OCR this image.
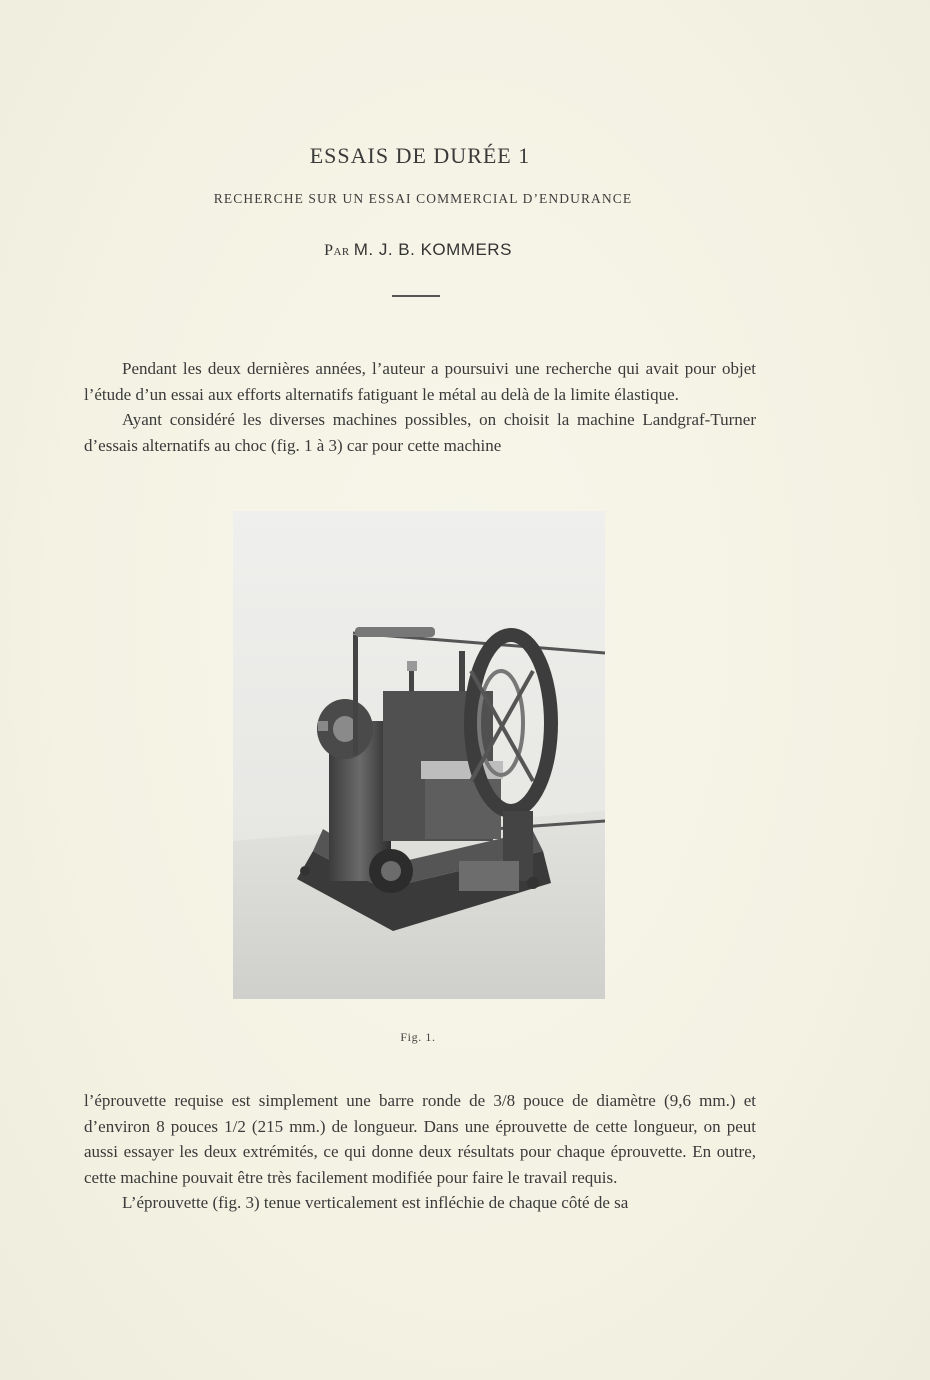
ESSAIS DE DURÉE 1
RECHERCHE SUR UN ESSAI COMMERCIAL D’ENDURANCE
Par M. J. B. KOMMERS

Pendant les deux dernières années, l’auteur a poursuivi une recherche qui avait pour objet l’étude d’un essai aux efforts alternatifs fatiguant le métal au delà de la limite élastique.

Ayant considéré les diverses machines possibles, on choisit la machine Landgraf-Turner d’essais alternatifs au choc (fig. 1 à 3) car pour cette machine

Fig. 1.

l’éprouvette requise est simplement une barre ronde de 3/8 pouce de diamètre (9,6 mm.) et d’environ 8 pouces 1/2 (215 mm.) de longueur. Dans une éprouvette de cette longueur, on peut aussi essayer les deux extrémités, ce qui donne deux résultats pour chaque éprouvette. En outre, cette machine pouvait être très facilement modifiée pour faire le travail requis.

L’éprouvette (fig. 3) tenue verticalement est infléchie de chaque côté de sa
